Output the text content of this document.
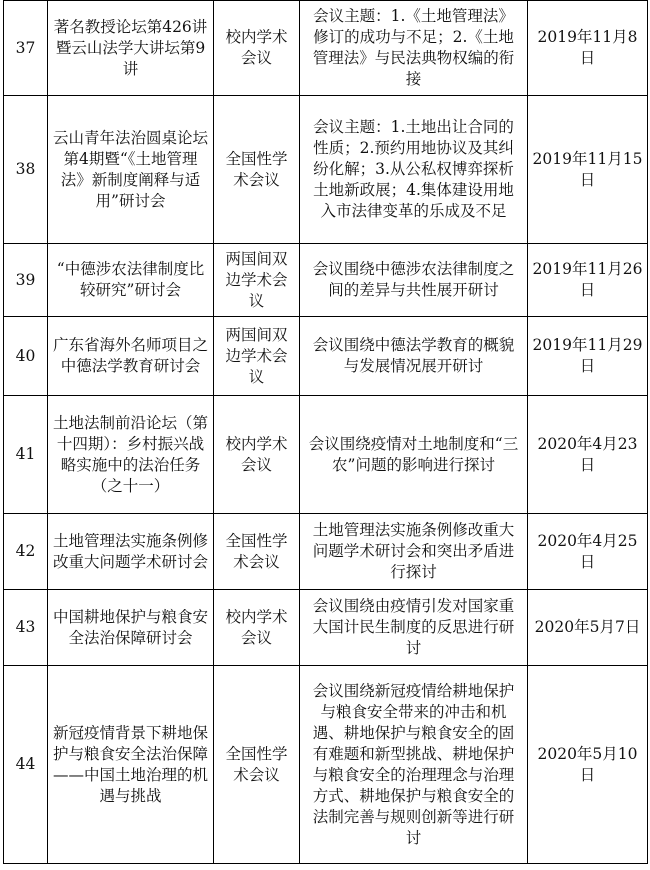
37	著名教授论坛第426讲暨云山法学大讲坛第9讲	校内学术会议	会议主题：1.《土地管理法》修订的成功与不足；2.《土地管理法》与民法典物权编的衔接	2019年11月8日
38	云山青年法治圆桌论坛第4期暨“《土地管理法》新制度阐释与适用”研讨会	全国性学术会议	会议主题：1.土地出让合同的性质；2.预约用地协议及其纠纷化解；3.从公私权博弈探析土地新政展；4.集体建设用地入市法律变革的乐成及不足	2019年11月15日
39	“中德涉农法律制度比较研究”研讨会	两国间双边学术会议	会议围绕中德涉农法律制度之间的差异与共性展开研讨	2019年11月26日
40	广东省海外名师项目之中德法学教育研讨会	两国间双边学术会议	会议围绕中德法学教育的概貌与发展情况展开研讨	2019年11月29日
41	土地法制前沿论坛（第十四期）：乡村振兴战略实施中的法治任务（之十一）	校内学术会议	会议围绕疫情对土地制度和“三农”问题的影响进行探讨	2020年4月23日
42	土地管理法实施条例修改重大问题学术研讨会	全国性学术会议	土地管理法实施条例修改重大问题学术研讨会和突出矛盾进行探讨	2020年4月25日
43	中国耕地保护与粮食安全法治保障研讨会	校内学术会议	会议围绕由疫情引发对国家重大国计民生制度的反思进行研讨	2020年5月7日
44	新冠疫情背景下耕地保护与粮食安全法治保障——中国土地治理的机遇与挑战	全国性学术会议	会议围绕新冠疫情给耕地保护与粮食安全带来的冲击和机遇、耕地保护与粮食安全的固有难题和新型挑战、耕地保护与粮食安全的治理理念与治理方式、耕地保护与粮食安全的法制完善与规则创新等进行研讨	2020年5月10日
